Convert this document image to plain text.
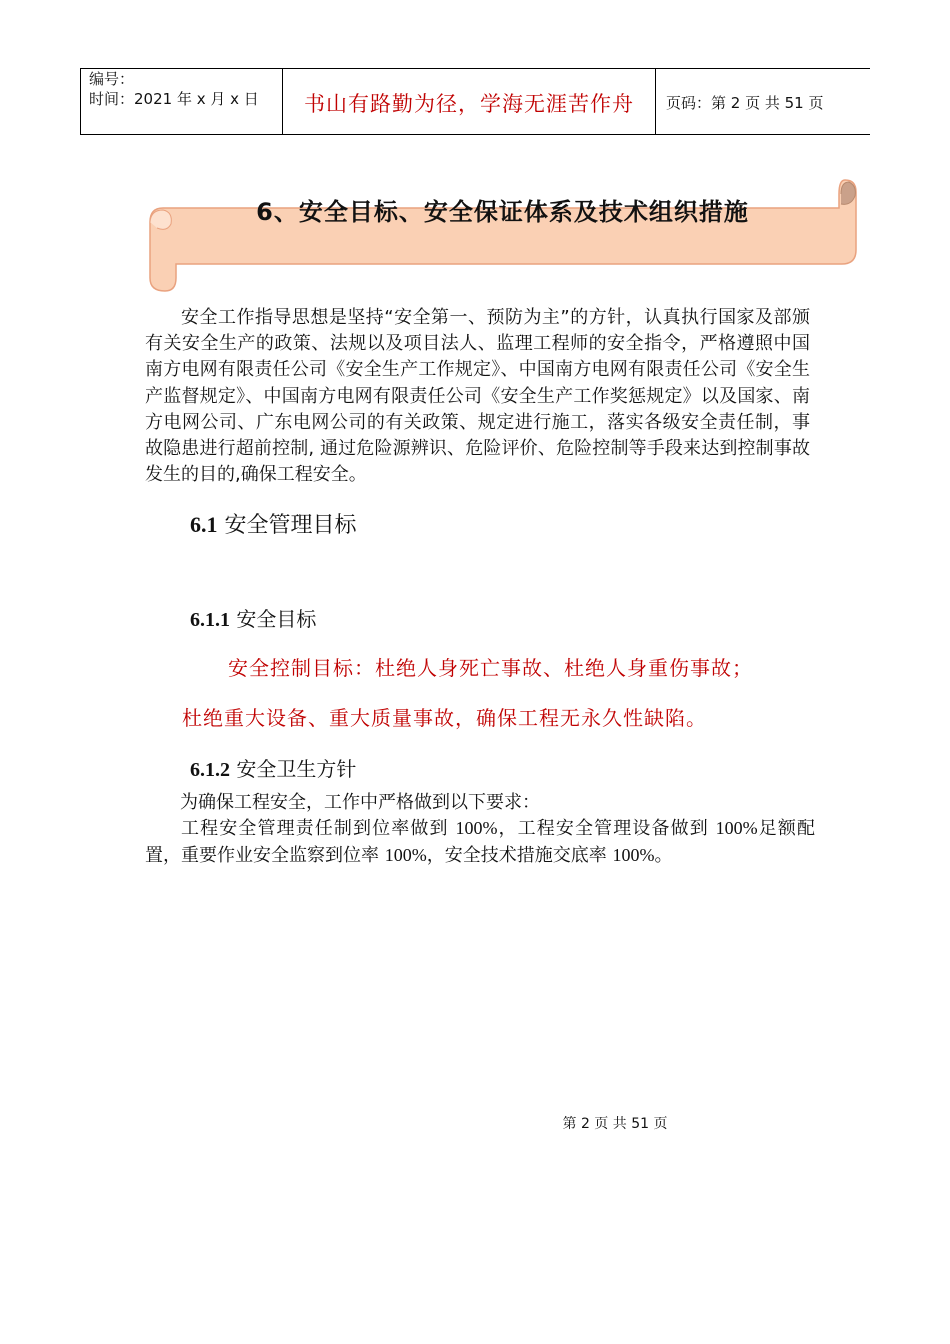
编号：
时间：2021 年 x 月 x 日	书山有路勤为径，学海无涯苦作舟	页码：第 2 页 共 51 页
6、安全目标、安全保证体系及技术组织措施
安全工作指导思想是坚持“安全第一、预防为主”的方针，认真执行国家及部颁有关安全生产的政策、法规以及项目法人、监理工程师的安全指令，严格遵照中国南方电网有限责任公司《安全生产工作规定》、中国南方电网有限责任公司《安全生产监督规定》、中国南方电网有限责任公司《安全生产工作奖惩规定》以及国家、南方电网公司、广东电网公司的有关政策、规定进行施工，落实各级安全责任制，事故隐患进行超前控制, 通过危险源辨识、危险评价、危险控制等手段来达到控制事故发生的目的,确保工程安全。
6.1 安全管理目标
6.1.1 安全目标
安全控制目标：杜绝人身死亡事故、杜绝人身重伤事故；
杜绝重大设备、重大质量事故，确保工程无永久性缺陷。
6.1.2 安全卫生方针
为确保工程安全，工作中严格做到以下要求：
工程安全管理责任制到位率做到 100%，工程安全管理设备做到 100%足额配置，重要作业安全监察到位率 100%，安全技术措施交底率 100%。
第 2 页 共 51 页
